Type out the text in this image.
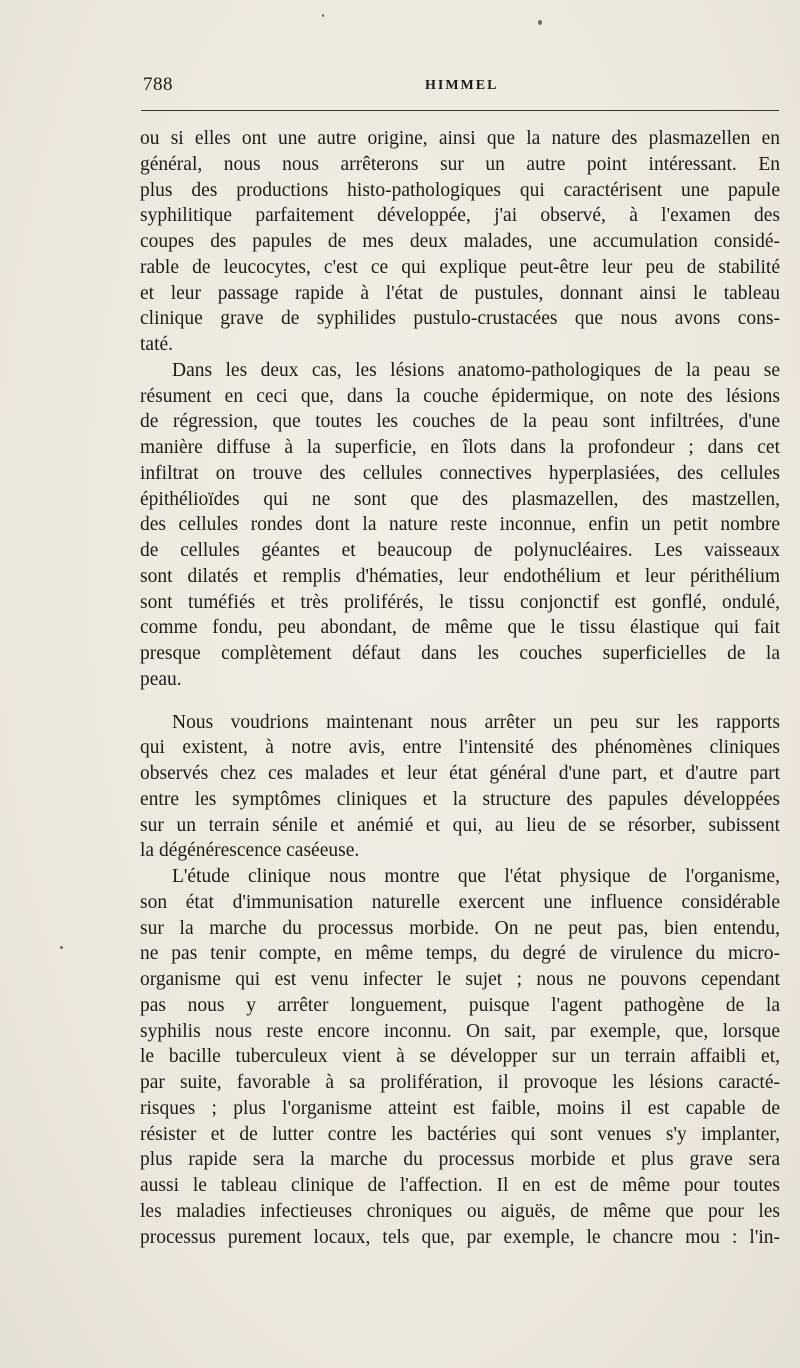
788	HIMMEL
ou si elles ont une autre origine, ainsi que la nature des plasmazellen en
général, nous nous arrêterons sur un autre point intéressant. En
plus des productions histo-pathologiques qui caractérisent une papule
syphilitique parfaitement développée, j'ai observé, à l'examen des
coupes des papules de mes deux malades, une accumulation considé-
rable de leucocytes, c'est ce qui explique peut-être leur peu de stabilité
et leur passage rapide à l'état de pustules, donnant ainsi le tableau
clinique grave de syphilides pustulo-crustacées que nous avons cons-
taté.
Dans les deux cas, les lésions anatomo-pathologiques de la peau se
résument en ceci que, dans la couche épidermique, on note des lésions
de régression, que toutes les couches de la peau sont infiltrées, d'une
manière diffuse à la superficie, en îlots dans la profondeur ; dans cet
infiltrat on trouve des cellules connectives hyperplasiées, des cellules
épithélioïdes qui ne sont que des plasmazellen, des mastzellen,
des cellules rondes dont la nature reste inconnue, enfin un petit nombre
de cellules géantes et beaucoup de polynucléaires. Les vaisseaux
sont dilatés et remplis d'hématies, leur endothélium et leur périthélium
sont tuméfiés et très proliférés, le tissu conjonctif est gonflé, ondulé,
comme fondu, peu abondant, de même que le tissu élastique qui fait
presque complètement défaut dans les couches superficielles de la
peau.
Nous voudrions maintenant nous arrêter un peu sur les rapports
qui existent, à notre avis, entre l'intensité des phénomènes cliniques
observés chez ces malades et leur état général d'une part, et d'autre part
entre les symptômes cliniques et la structure des papules développées
sur un terrain sénile et anémié et qui, au lieu de se résorber, subissent
la dégénérescence caséeuse.
L'étude clinique nous montre que l'état physique de l'organisme,
son état d'immunisation naturelle exercent une influence considérable
sur la marche du processus morbide. On ne peut pas, bien entendu,
ne pas tenir compte, en même temps, du degré de virulence du micro-
organisme qui est venu infecter le sujet ; nous ne pouvons cependant
pas nous y arrêter longuement, puisque l'agent pathogène de la
syphilis nous reste encore inconnu. On sait, par exemple, que, lorsque
le bacille tuberculeux vient à se développer sur un terrain affaibli et,
par suite, favorable à sa prolifération, il provoque les lésions caracté-
risques ; plus l'organisme atteint est faible, moins il est capable de
résister et de lutter contre les bactéries qui sont venues s'y implanter,
plus rapide sera la marche du processus morbide et plus grave sera
aussi le tableau clinique de l'affection. Il en est de même pour toutes
les maladies infectieuses chroniques ou aiguës, de même que pour les
processus purement locaux, tels que, par exemple, le chancre mou : l'in-
